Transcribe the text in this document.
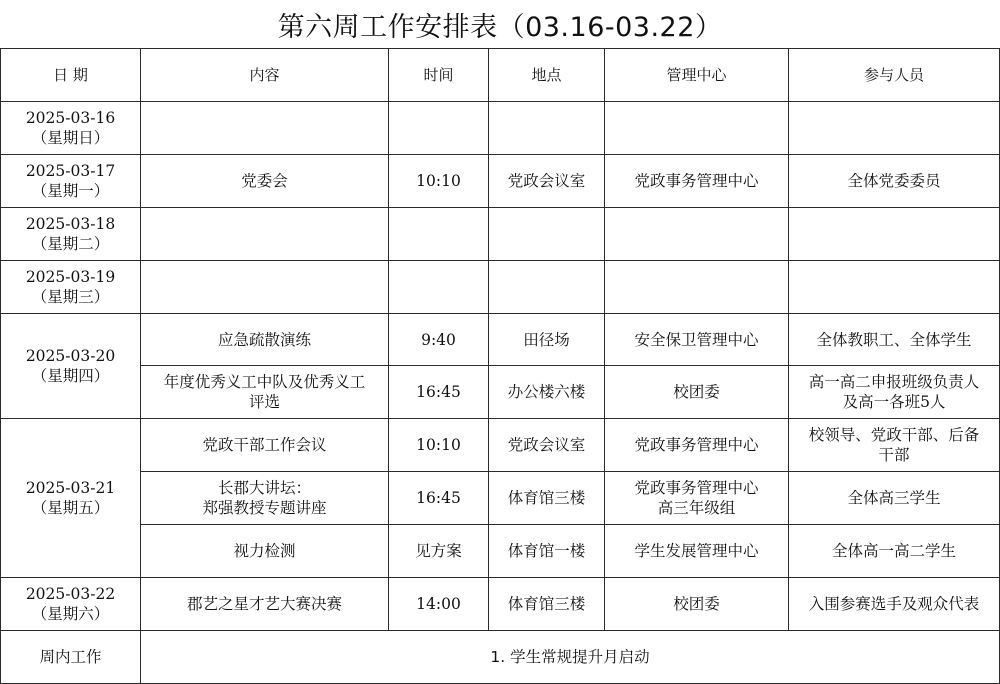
第六周工作安排表（03.16-03.22）
日 期	内容	时间	地点	管理中心	参与人员

2025-03-16
（星期日）					

2025-03-17
（星期一）	党委会	10:10	党政会议室	党政事务管理中心	全体党委委员

2025-03-18
（星期二）					

2025-03-19
（星期三）					

2025-03-20
（星期四）	应急疏散演练	9:40	田径场	安全保卫管理中心	全体教职工、全体学生

	年度优秀义工中队及优秀义工
评选	16:45	办公楼六楼	校团委	高一高二申报班级负责人
及高一各班5人

2025-03-21
（星期五）	党政干部工作会议	10:10	党政会议室	党政事务管理中心	校领导、党政干部、后备
干部

	长郡大讲坛：
郑强教授专题讲座	16:45	体育馆三楼	党政事务管理中心
高三年级组	全体高三学生

	视力检测	见方案	体育馆一楼	学生发展管理中心	全体高一高二学生

2025-03-22
（星期六）	郡艺之星才艺大赛决赛	14:00	体育馆三楼	校团委	入围参赛选手及观众代表

周内工作	1. 学生常规提升月启动				
